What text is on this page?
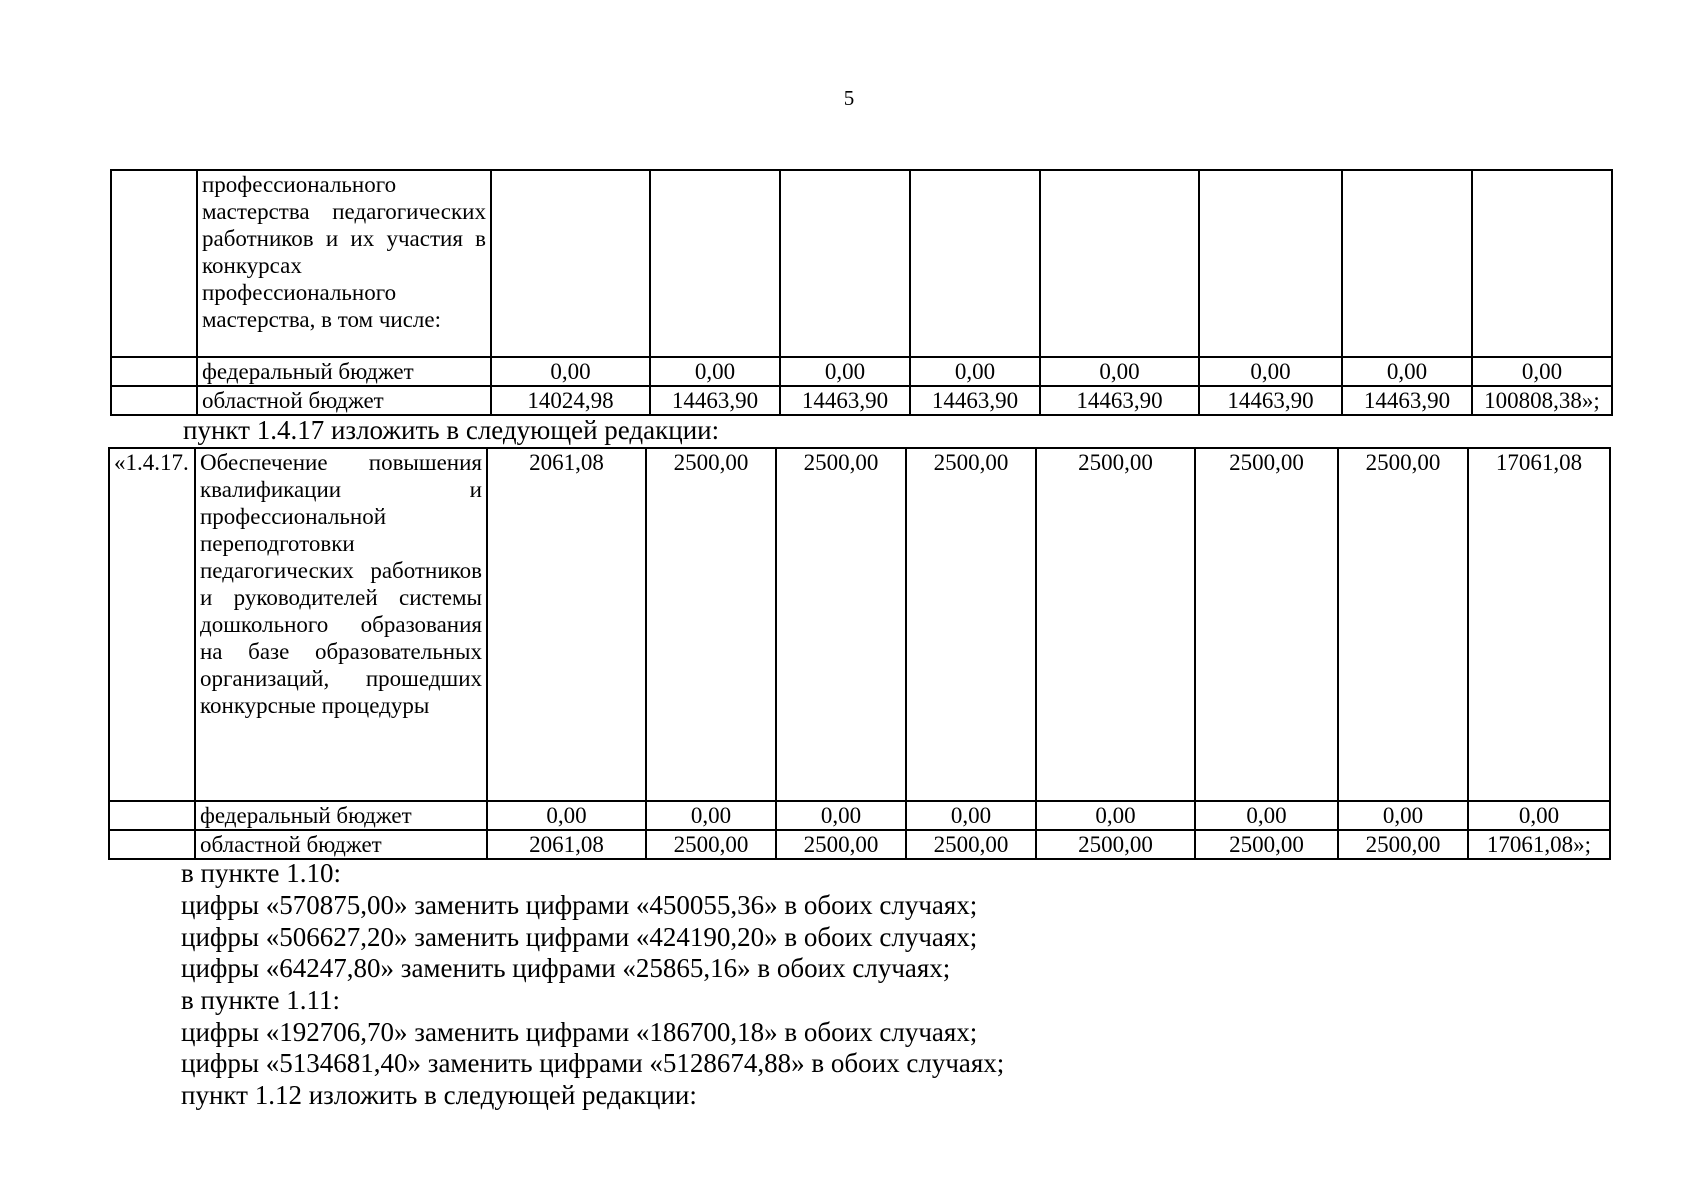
5
	профессионального мастерства педагогических работников и их участия в конкурсах профессионального мастерства, в том числе:								
	федеральный бюджет	0,00	0,00	0,00	0,00	0,00	0,00	0,00	0,00
	областной бюджет	14024,98	14463,90	14463,90	14463,90	14463,90	14463,90	14463,90	100808,38»;
пункт 1.4.17 изложить в следующей редакции:
«1.4.17.	Обеспечение повышения квалификации и профессиональной переподготовки педагогических работников и руководителей системы дошкольного образования на базе образовательных организаций, прошедших конкурсные процедуры	2061,08	2500,00	2500,00	2500,00	2500,00	2500,00	2500,00	17061,08
	федеральный бюджет	0,00	0,00	0,00	0,00	0,00	0,00	0,00	0,00
	областной бюджет	2061,08	2500,00	2500,00	2500,00	2500,00	2500,00	2500,00	17061,08»;
в пункте 1.10:
цифры «570875,00» заменить цифрами «450055,36» в обоих случаях;
цифры «506627,20» заменить цифрами «424190,20» в обоих случаях;
цифры «64247,80» заменить цифрами «25865,16» в обоих случаях;
в пункте 1.11:
цифры «192706,70» заменить цифрами «186700,18» в обоих случаях;
цифры «5134681,40» заменить цифрами «5128674,88» в обоих случаях;
пункт 1.12 изложить в следующей редакции:
